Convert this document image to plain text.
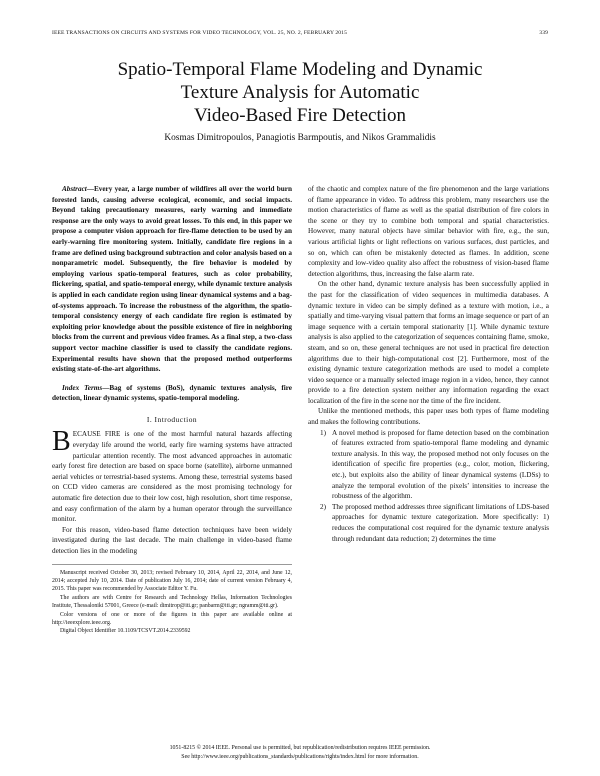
IEEE TRANSACTIONS ON CIRCUITS AND SYSTEMS FOR VIDEO TECHNOLOGY, VOL. 25, NO. 2, FEBRUARY 2015	339
Spatio-Temporal Flame Modeling and Dynamic
Texture Analysis for Automatic
Video-Based Fire Detection
Kosmas Dimitropoulos, Panagiotis Barmpoutis, and Nikos Grammalidis

Abstract—Every year, a large number of wildfires all over the world burn forested lands, causing adverse ecological, economic, and social impacts. Beyond taking precautionary measures, early warning and immediate response are the only ways to avoid great losses. To this end, in this paper we propose a computer vision approach for fire-flame detection to be used by an early-warning fire monitoring system. Initially, candidate fire regions in a frame are defined using background subtraction and color analysis based on a nonparametric model. Subsequently, the fire behavior is modeled by employing various spatio-temporal features, such as color probability, flickering, spatial, and spatio-temporal energy, while dynamic texture analysis is applied in each candidate region using linear dynamical systems and a bag-of-systems approach. To increase the robustness of the algorithm, the spatio-temporal consistency energy of each candidate fire region is estimated by exploiting prior knowledge about the possible existence of fire in neighboring blocks from the current and previous video frames. As a final step, a two-class support vector machine classifier is used to classify the candidate regions. Experimental results have shown that the proposed method outperforms existing state-of-the-art algorithms.

Index Terms—Bag of systems (BoS), dynamic textures analysis, fire detection, linear dynamic systems, spatio-temporal modeling.

I. Introduction

BECAUSE FIRE is one of the most harmful natural hazards affecting everyday life around the world, early fire warning systems have attracted particular attention recently. The most advanced approaches in automatic early forest fire detection are based on space borne (satellite), airborne unmanned aerial vehicles or terrestrial-based systems. Among these, terrestrial systems based on CCD video cameras are considered as the most promising technology for automatic fire detection due to their low cost, high resolution, short time response, and easy confirmation of the alarm by a human operator through the surveillance monitor.

For this reason, video-based flame detection techniques have been widely investigated during the last decade. The main challenge in video-based flame detection lies in the modeling

Manuscript received October 30, 2013; revised February 10, 2014, April 22, 2014, and June 12, 2014; accepted July 10, 2014. Date of publication July 16, 2014; date of current version February 4, 2015. This paper was recommended by Associate Editor Y. Fu.

The authors are with Centre for Research and Technology Hellas, Information Technologies Institute, Thessaloniki 57001, Greece (e-mail: dimitrop@iti.gr; panbarm@iti.gr; ngramm@iti.gr).

Color versions of one or more of the figures in this paper are available online at http://ieeexplore.ieee.org.

Digital Object Identifier 10.1109/TCSVT.2014.2339592

of the chaotic and complex nature of the fire phenomenon and the large variations of flame appearance in video. To address this problem, many researchers use the motion characteristics of flame as well as the spatial distribution of fire colors in the scene or they try to combine both temporal and spatial characteristics. However, many natural objects have similar behavior with fire, e.g., the sun, various artificial lights or light reflections on various surfaces, dust particles, and so on, which can often be mistakenly detected as flames. In addition, scene complexity and low-video quality also affect the robustness of vision-based flame detection algorithms, thus, increasing the false alarm rate.

On the other hand, dynamic texture analysis has been successfully applied in the past for the classification of video sequences in multimedia databases. A dynamic texture in video can be simply defined as a texture with motion, i.e., a spatially and time-varying visual pattern that forms an image sequence or part of an image sequence with a certain temporal stationarity [1]. While dynamic texture analysis is also applied to the categorization of sequences containing flame, smoke, steam, and so on, these general techniques are not used in practical fire detection algorithms due to their high-computational cost [2]. Furthermore, most of the existing dynamic texture categorization methods are used to model a complete video sequence or a manually selected image region in a video, hence, they cannot provide to a fire detection system neither any information regarding the exact localization of the fire in the scene nor the time of the fire incident.

Unlike the mentioned methods, this paper uses both types of flame modeling and makes the following contributions.

1) A novel method is proposed for flame detection based on the combination of features extracted from spatio-temporal flame modeling and dynamic texture analysis. In this way, the proposed method not only focuses on the identification of specific fire properties (e.g., color, motion, flickering, etc.), but exploits also the ability of linear dynamical systems (LDSs) to analyze the temporal evolution of the pixels’ intensities to increase the robustness of the algorithm.
2) The proposed method addresses three significant limitations of LDS-based approaches for dynamic texture categorization. More specifically: 1) reduces the computational cost required for the dynamic texture analysis through redundant data reduction; 2) determines the time
1051-8215 © 2014 IEEE. Personal use is permitted, but republication/redistribution requires IEEE permission.
See http://www.ieee.org/publications_standards/publications/rights/index.html for more information.
